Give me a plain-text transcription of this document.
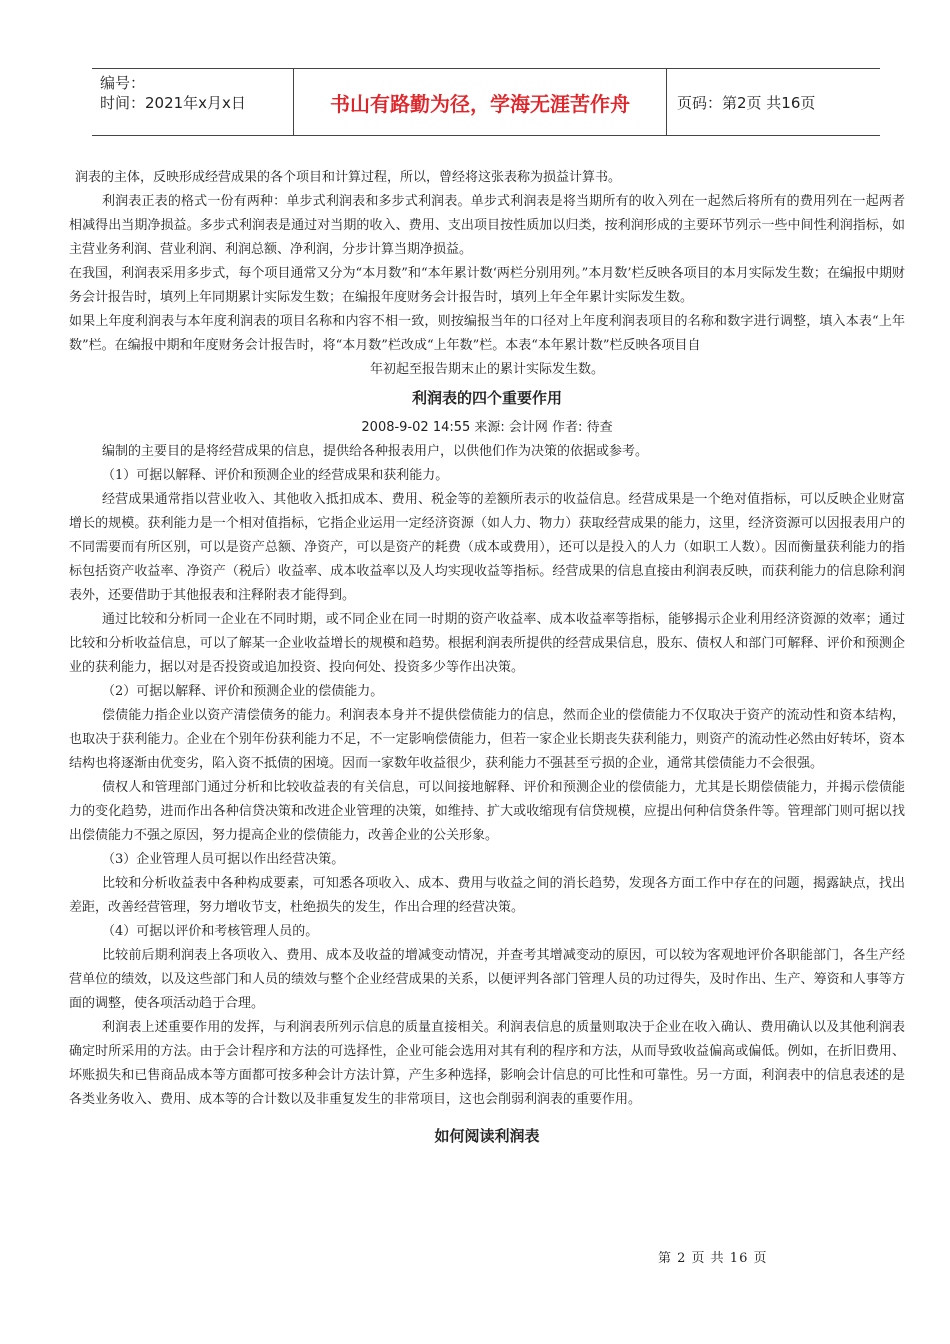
编号：
时间：2021年x月x日	书山有路勤为径，学海无涯苦作舟	页码：第2页 共16页

润表的主体，反映形成经营成果的各个项目和计算过程，所以，曾经将这张表称为损益计算书。

利润表正表的格式一份有两种：单步式利润表和多步式利润表。单步式利润表是将当期所有的收入列在一起然后将所有的费用列在一起两者相减得出当期净损益。多步式利润表是通过对当期的收入、费用、支出项目按性质加以归类，按利润形成的主要环节列示一些中间性利润指标，如主营业务利润、营业利润、利润总额、净利润，分步计算当期净损益。

在我国，利润表采用多步式，每个项目通常又分为“本月数”和“本年累计数‘两栏分别用列。”本月数’栏反映各项目的本月实际发生数；在编报中期财务会计报告时，填列上年同期累计实际发生数；在编报年度财务会计报告时，填列上年全年累计实际发生数。

如果上年度利润表与本年度利润表的项目名称和内容不相一致，则按编报当年的口径对上年度利润表项目的名称和数字进行调整，填入本表“上年数”栏。在编报中期和年度财务会计报告时，将“本月数”栏改成“上年数”栏。本表“本年累计数”栏反映各项目自

年初起至报告期末止的累计实际发生数。

利润表的四个重要作用
2008-9-02 14:55 来源: 会计网 作者: 待查

编制的主要目的是将经营成果的信息，提供给各种报表用户，以供他们作为决策的依据或参考。

（1）可据以解释、评价和预测企业的经营成果和获利能力。

经营成果通常指以营业收入、其他收入抵扣成本、费用、税金等的差额所表示的收益信息。经营成果是一个绝对值指标，可以反映企业财富增长的规模。获利能力是一个相对值指标，它指企业运用一定经济资源（如人力、物力）获取经营成果的能力，这里，经济资源可以因报表用户的不同需要而有所区别，可以是资产总额、净资产，可以是资产的耗费（成本或费用），还可以是投入的人力（如职工人数）。因而衡量获利能力的指标包括资产收益率、净资产（税后）收益率、成本收益率以及人均实现收益等指标。经营成果的信息直接由利润表反映，而获利能力的信息除利润表外，还要借助于其他报表和注释附表才能得到。

通过比较和分析同一企业在不同时期，或不同企业在同一时期的资产收益率、成本收益率等指标，能够揭示企业利用经济资源的效率；通过比较和分析收益信息，可以了解某一企业收益增长的规模和趋势。根据利润表所提供的经营成果信息，股东、债权人和部门可解释、评价和预测企业的获利能力，据以对是否投资或追加投资、投向何处、投资多少等作出决策。

（2）可据以解释、评价和预测企业的偿债能力。

偿债能力指企业以资产清偿债务的能力。利润表本身并不提供偿债能力的信息，然而企业的偿债能力不仅取决于资产的流动性和资本结构，也取决于获利能力。企业在个别年份获利能力不足，不一定影响偿债能力，但若一家企业长期丧失获利能力，则资产的流动性必然由好转坏，资本结构也将逐渐由优变劣，陷入资不抵债的困境。因而一家数年收益很少，获利能力不强甚至亏损的企业，通常其偿债能力不会很强。

债权人和管理部门通过分析和比较收益表的有关信息，可以间接地解释、评价和预测企业的偿债能力，尤其是长期偿债能力，并揭示偿债能力的变化趋势，进而作出各种信贷决策和改进企业管理的决策，如维持、扩大或收缩现有信贷规模，应提出何种信贷条件等。管理部门则可据以找出偿债能力不强之原因，努力提高企业的偿债能力，改善企业的公关形象。

（3）企业管理人员可据以作出经营决策。

比较和分析收益表中各种构成要素，可知悉各项收入、成本、费用与收益之间的消长趋势，发现各方面工作中存在的问题，揭露缺点，找出差距，改善经营管理，努力增收节支，杜绝损失的发生，作出合理的经营决策。

（4）可据以评价和考核管理人员的。

比较前后期利润表上各项收入、费用、成本及收益的增减变动情况，并查考其增减变动的原因，可以较为客观地评价各职能部门，各生产经营单位的绩效，以及这些部门和人员的绩效与整个企业经营成果的关系，以便评判各部门管理人员的功过得失，及时作出、生产、筹资和人事等方面的调整，使各项活动趋于合理。

利润表上述重要作用的发挥，与利润表所列示信息的质量直接相关。利润表信息的质量则取决于企业在收入确认、费用确认以及其他利润表确定时所采用的方法。由于会计程序和方法的可选择性，企业可能会选用对其有利的程序和方法，从而导致收益偏高或偏低。例如，在折旧费用、坏账损失和已售商品成本等方面都可按多种会计方法计算，产生多种选择，影响会计信息的可比性和可靠性。另一方面，利润表中的信息表述的是各类业务收入、费用、成本等的合计数以及非重复发生的非常项目，这也会削弱利润表的重要作用。

如何阅读利润表
第 2 页 共 16 页
